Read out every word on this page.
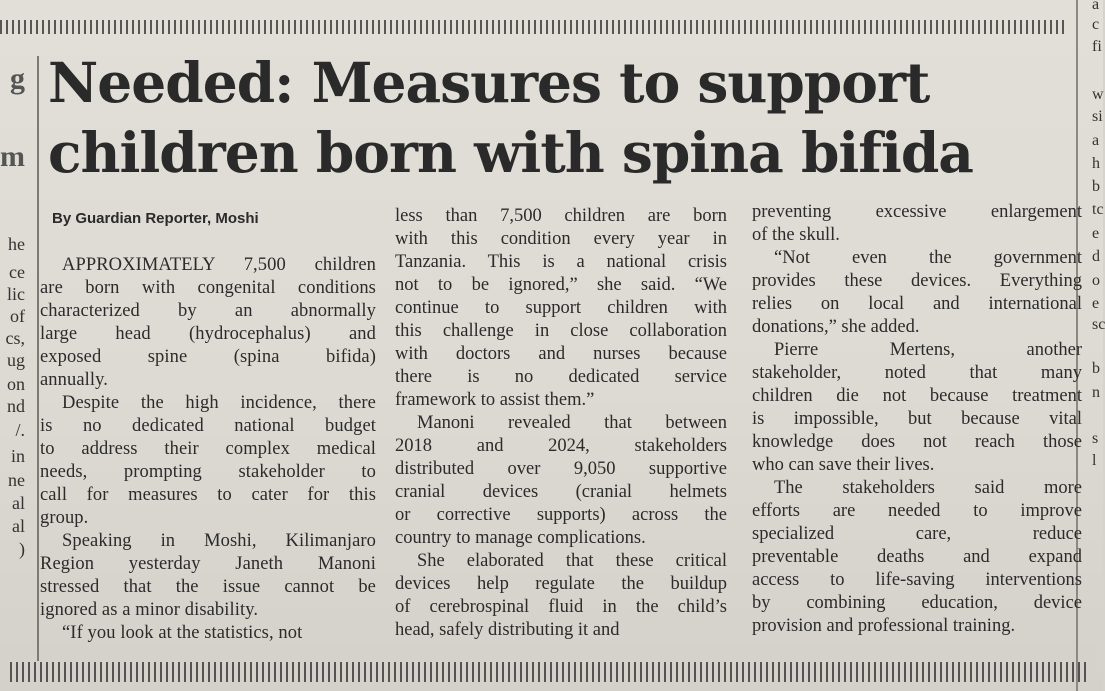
g
m
he
ce
lic
of
cs,
ug
on
nd
/.
in
ne
al
al
)
Needed: Measures to support
children born with spina bifida
By Guardian Reporter, Moshi
APPROXIMATELY 7,500 children
are born with congenital conditions
characterized by an abnormally
large head (hydrocephalus) and
exposed spine (spina bifida)
annually.
Despite the high incidence, there
is no dedicated national budget
to address their complex medical
needs, prompting stakeholder to
call for measures to cater for this
group.
Speaking in Moshi, Kilimanjaro
Region yesterday Janeth Manoni
stressed that the issue cannot be
ignored as a minor disability.
“If you look at the statistics, not
less than 7,500 children are born
with this condition every year in
Tanzania. This is a national crisis
not to be ignored,” she said. “We
continue to support children with
this challenge in close collaboration
with doctors and nurses because
there is no dedicated service
framework to assist them.”
Manoni revealed that between
2018 and 2024, stakeholders
distributed over 9,050 supportive
cranial devices (cranial helmets
or corrective supports) across the
country to manage complications.
She elaborated that these critical
devices help regulate the buildup
of cerebrospinal fluid in the child’s
head, safely distributing it and
preventing excessive enlargement
of the skull.
“Not even the government
provides these devices. Everything
relies on local and international
donations,” she added.
Pierre Mertens, another
stakeholder, noted that many
children die not because treatment
is impossible, but because vital
knowledge does not reach those
who can save their lives.
The stakeholders said more
efforts are needed to improve
specialized care, reduce
preventable deaths and expand
access to life-saving interventions
by combining education, device
provision and professional training.
a
c
fi
w
si
a
h
b
tc
e
d
o
e
sc
b
n
s
l
